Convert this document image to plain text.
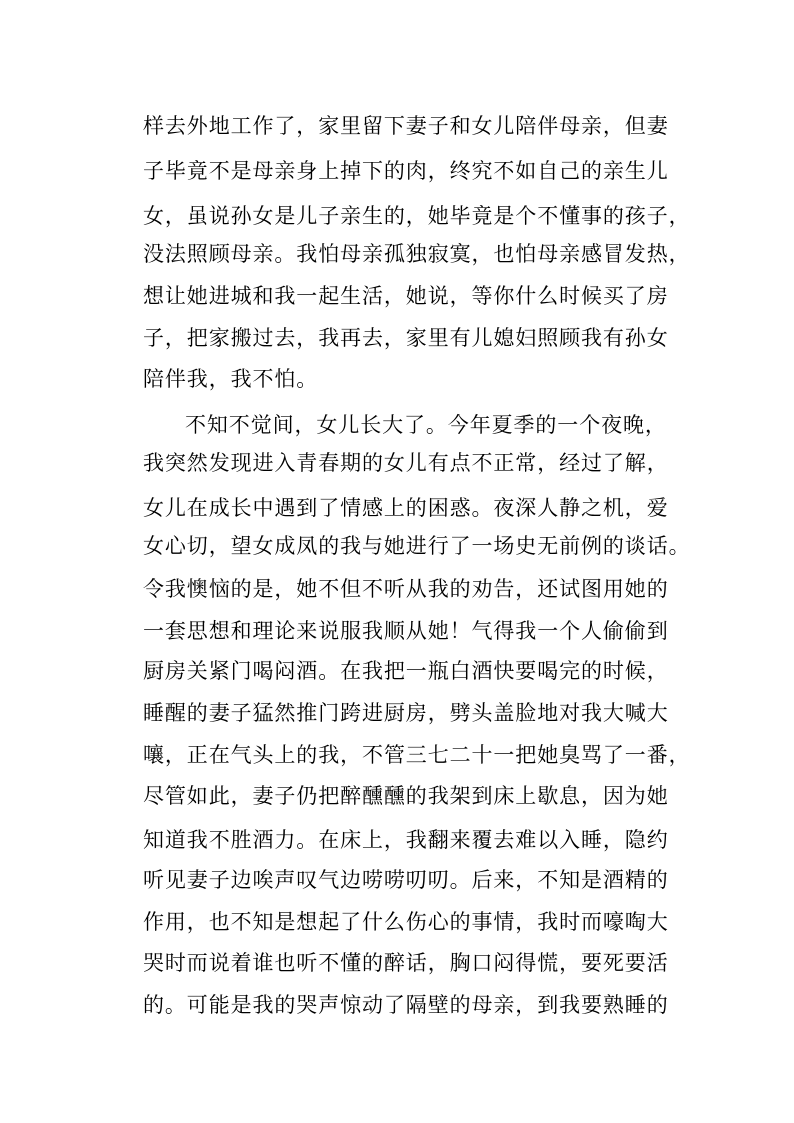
样去外地工作了，家里留下妻子和女儿陪伴母亲，但妻
子毕竟不是母亲身上掉下的肉，终究不如自己的亲生儿
女，虽说孙女是儿子亲生的，她毕竟是个不懂事的孩子，
没法照顾母亲。我怕母亲孤独寂寞，也怕母亲感冒发热，
想让她进城和我一起生活，她说，等你什么时候买了房
子，把家搬过去，我再去，家里有儿媳妇照顾我有孙女
陪伴我，我不怕。
不知不觉间，女儿长大了。今年夏季的一个夜晚，
我突然发现进入青春期的女儿有点不正常，经过了解，
女儿在成长中遇到了情感上的困惑。夜深人静之机，爱
女心切，望女成凤的我与她进行了一场史无前例的谈话。
令我懊恼的是，她不但不听从我的劝告，还试图用她的
一套思想和理论来说服我顺从她！气得我一个人偷偷到
厨房关紧门喝闷酒。在我把一瓶白酒快要喝完的时候，
睡醒的妻子猛然推门跨进厨房，劈头盖脸地对我大喊大
嚷，正在气头上的我，不管三七二十一把她臭骂了一番，
尽管如此，妻子仍把醉醺醺的我架到床上歇息，因为她
知道我不胜酒力。在床上，我翻来覆去难以入睡，隐约
听见妻子边唉声叹气边唠唠叨叨。后来，不知是酒精的
作用，也不知是想起了什么伤心的事情，我时而嚎啕大
哭时而说着谁也听不懂的醉话，胸口闷得慌，要死要活
的。可能是我的哭声惊动了隔壁的母亲，到我要熟睡的
